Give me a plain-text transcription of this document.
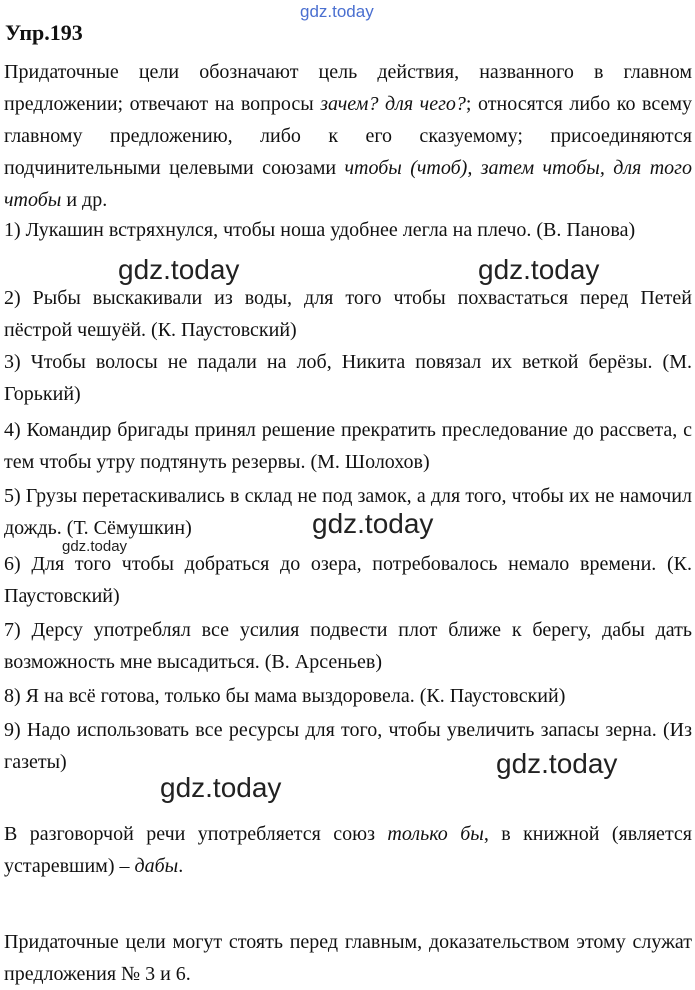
gdz.today
Упр.193
Придаточные цели обозначают цель действия, названного в главном предложении; отвечают на вопросы зачем? для чего?; относятся либо ко всему главному предложению, либо к его сказуемому; присоединяются подчинительными целевыми союзами чтобы (чтоб), затем чтобы, для того чтобы и др.
1) Лукашин встряхнулся, чтобы ноша удобнее легла на плечо. (В. Панова)
2) Рыбы выскакивали из воды, для того чтобы похвастаться перед Петей пёстрой чешуёй. (К. Паустовский)
3) Чтобы волосы не падали на лоб, Никита повязал их веткой берёзы. (М. Горький)
4) Командир бригады принял решение прекратить преследование до рассвета, с тем чтобы утру подтянуть резервы. (М. Шолохов)
5) Грузы перетаскивались в склад не под замок, а для того, чтобы их не намочил дождь. (Т. Сёмушкин)
6) Для того чтобы добраться до озера, потребовалось немало времени. (К. Паустовский)
7) Дерсу употреблял все усилия подвести плот ближе к берегу, дабы дать возможность мне высадиться. (В. Арсеньев)
8) Я на всё готова, только бы мама выздоровела. (К. Паустовский)
9) Надо использовать все ресурсы для того, чтобы увеличить запасы зерна. (Из газеты)
В разговорчой речи употребляется союз только бы, в книжной (является устаревшим) – дабы.
Придаточные цели могут стоять перед главным, доказательством этому служат предложения № 3 и 6.
gdz.today	gdz.today
gdz.today
gdz.today
gdz.today
gdz.today
